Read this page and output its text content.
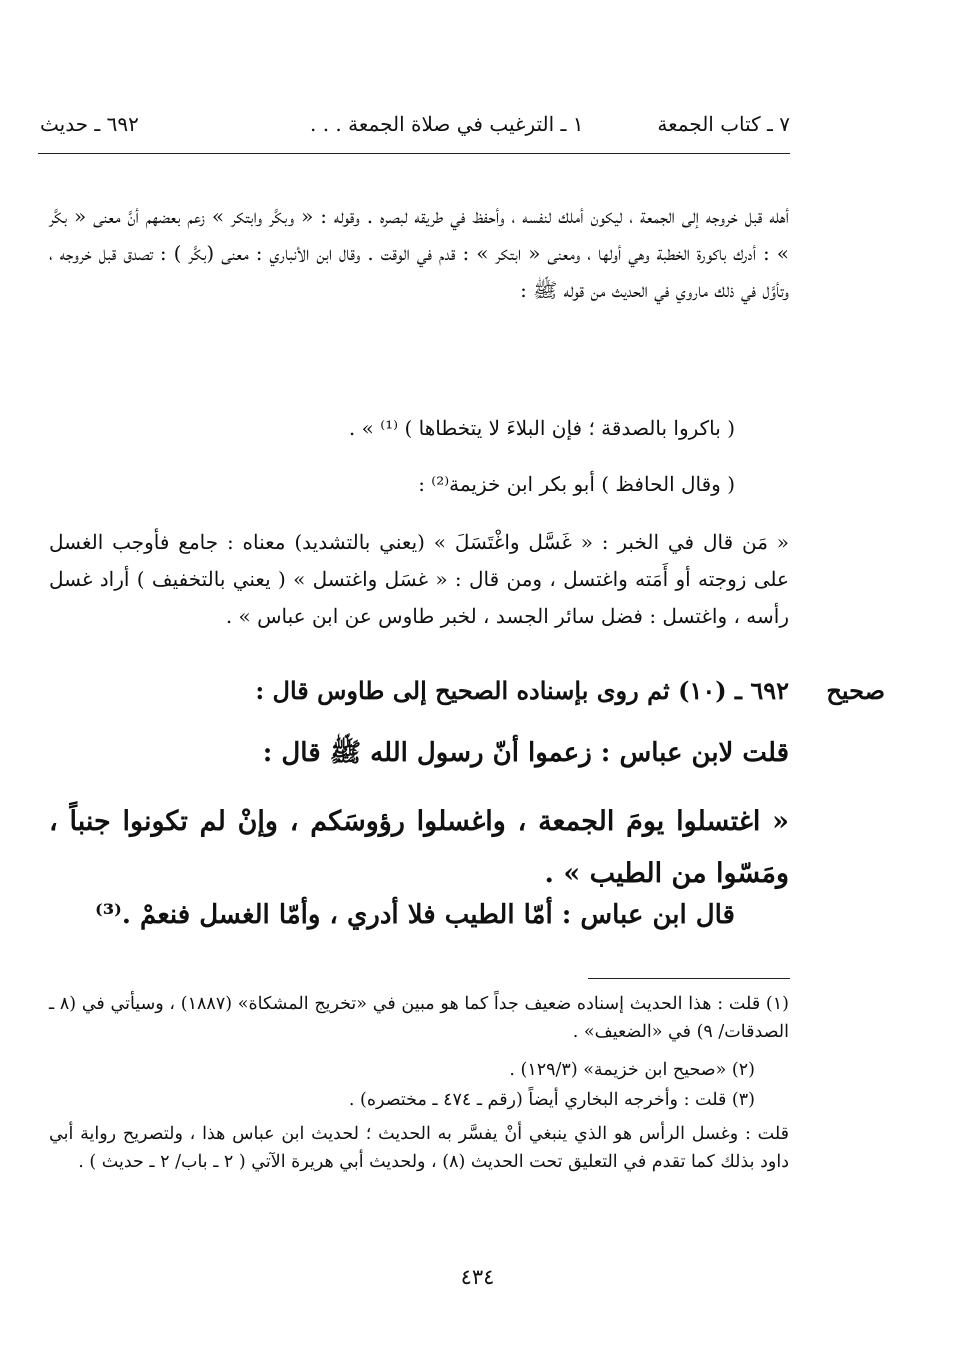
٧ ـ كتاب الجمعة
١ ـ الترغيب في صلاة الجمعة . . .
٦٩٢ ـ حديث
أهله قبل خروجه إلى الجمعة ، ليكون أملك لنفسه ، وأحفظ في طريقه لبصره . وقوله : « وبكَّر وابتكر » زعم بعضهم أنَّ معنى « بكَّر » : أدرك باكورة الخطبة وهي أولها ، ومعنى « ابتكر » : قدم في الوقت . وقال ابن الأنباري : معنى (بكَّر ) : تصدق قبل خروجه ، وتأوَّل في ذلك ماروي في الحديث من قوله ﷺ :
( باكروا بالصدقة ؛ فإن البلاءَ لا يتخطاها ) ⁽¹⁾ » .
( وقال الحافظ ) أبو بكر ابن خزيمة⁽²⁾ :
« مَن قال في الخبر : « غَسَّل واغْتَسَلَ » (يعني بالتشديد) معناه : جامع فأوجب الغسل على زوجته أو أَمَته واغتسل ، ومن قال : « غسَل واغتسل » ( يعني بالتخفيف ) أراد غسل رأسه ، واغتسل : فضل سائر الجسد ، لخبر طاوس عن ابن عباس » .
صحيح
٦٩٢ ـ (١٠) ثم روى بإسناده الصحيح إلى طاوس قال :
قلت لابن عباس : زعموا أنّ رسول الله ﷺ قال :
« اغتسلوا يومَ الجمعة ، واغسلوا رؤوسَكم ، وإنْ لم تكونوا جنباً ، ومَسّوا من الطيب » .
قال ابن عباس : أمّا الطيب فلا أدري ، وأمّا الغسل فنعمْ .⁽³⁾
(١) قلت : هذا الحديث إسناده ضعيف جداً كما هو مبين في «تخريج المشكاة» (١٨٨٧) ، وسيأتي في (٨ ـ الصدقات/ ٩) في «الضعيف» .
(٢) «صحيح ابن خزيمة» (١٢٩/٣) .
(٣) قلت : وأخرجه البخاري أيضاً (رقم ـ ٤٧٤ ـ مختصره) .
قلت : وغسل الرأس هو الذي ينبغي أنْ يفسَّر به الحديث ؛ لحديث ابن عباس هذا ، ولتصريح رواية أبي داود بذلك كما تقدم في التعليق تحت الحديث (٨) ، ولحديث أبي هريرة الآتي ( ٢ ـ باب/ ٢ ـ حديث ) .
٤٣٤
